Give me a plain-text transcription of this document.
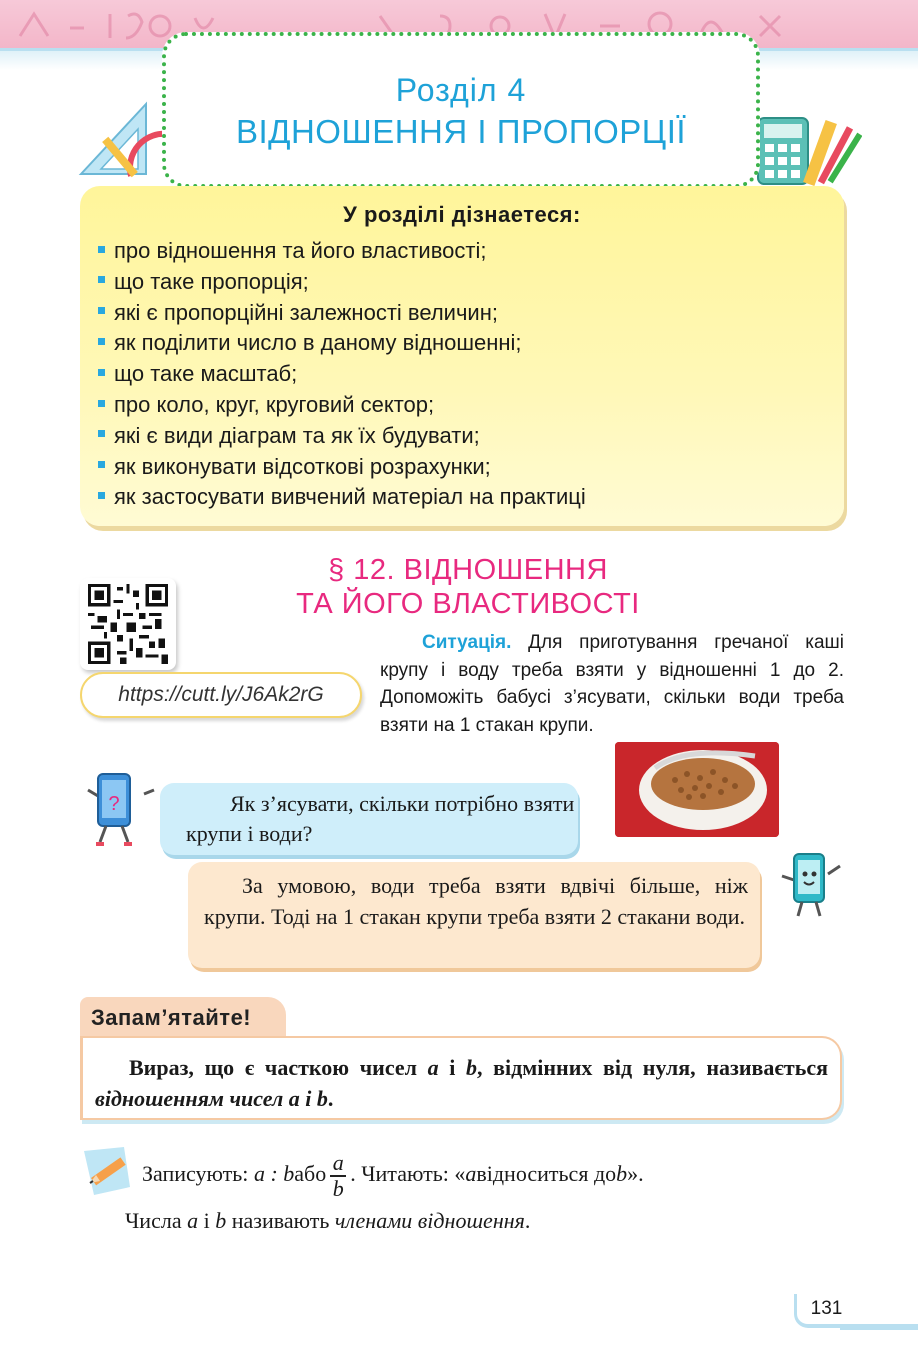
Розділ 4
ВІДНОШЕННЯ І ПРОПОРЦІЇ
У розділі дізнаетеся:
про відношення та його властивості;
що таке пропорція;
які є пропорційні залежності величин;
як поділити число в даному відношенні;
що таке масштаб;
про коло, круг, круговий сектор;
які є види діаграм та як їх будувати;
як виконувати відсоткові розрахунки;
як застосувати вивчений матеріал на практиці
§ 12. ВІДНОШЕННЯ
ТА ЙОГО ВЛАСТИВОСТІ
https://cutt.ly/J6Ak2rG
Ситуація. Для приготування гречаної каші крупу і воду треба взяти у відношенні 1 до 2. Допоможіть бабусі з’ясувати, скільки води треба взяти на 1 стакан крупи.
?	Як з’ясувати, скільки потрібно взяти крупи і води?
За умовою, води треба взяти вдвічі більше, ніж крупи. Тоді на 1 стакан крупи треба взяти 2 стакани води.
Запам’ятайте!
Вираз, що є часткою чисел a і b, відмінних від нуля, називається відношенням чисел a і b.
Записують:
a : b або $\frac{a}{b}$ . Читають: « a відноситься до b ».
Числа a і b називають членами відношення.
131
